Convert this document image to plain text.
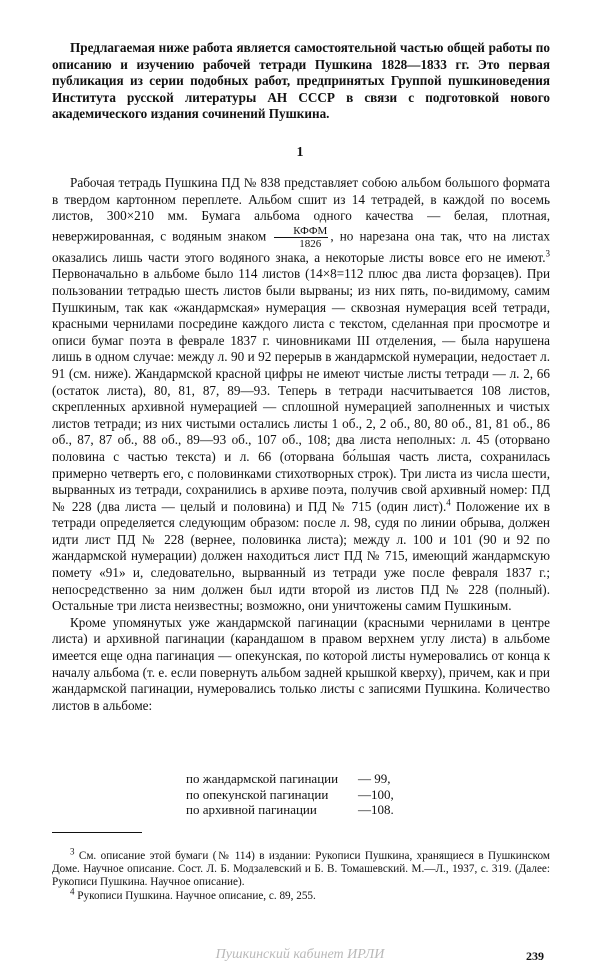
Предлагаемая ниже работа является самостоятельной частью общей работы по описанию и изучению рабочей тетради Пушкина 1828—1833 гг. Это первая публикация из серии подобных работ, предпринятых Группой пушкиноведения Института русской литературы АН СССР в связи с подготовкой нового академического издания сочинений Пушкина.

1

Рабочая тетрадь Пушкина ПД № 838 представляет собою альбом большого формата в твердом картонном переплете. Альбом сшит из 14 тетрадей, в каждой по восемь листов, 300×210 мм. Бумага альбома одного качества — белая, плотная, невержированная, с водяным знаком $\frac{\text{КФФМ}}{1826}$ , но нарезана она так, что на листах оказались лишь части этого водяного знака, а некоторые листы вовсе его не имеют.$^3$ Первоначально в альбоме было 114 листов (14×8=112 плюс два листа форзацев). При пользовании тетрадью шесть листов были вырваны; из них пять, по-видимому, самим Пушкиным, так как «жандармская» нумерация — сквозная нумерация всей тетради, красными чернилами посредине каждого листа с текстом, сделанная при просмотре и описи бумаг поэта в феврале 1837 г. чиновниками III отделения, — была нарушена лишь в одном случае: между л. 90 и 92 перерыв в жандармской нумерации, недостает л. 91 (см. ниже). Жандармской красной цифры не имеют чистые листы тетради — л. 2, 66 (остаток листа), 80, 81, 87, 89—93. Теперь в тетради насчитывается 108 листов, скрепленных архивной нумерацией — сплошной нумерацией заполненных и чистых листов тетради; из них чистыми остались листы 1 об., 2, 2 об., 80, 80 об., 81, 81 об., 86 об., 87, 87 об., 88 об., 89—93 об., 107 об., 108; два листа неполных: л. 45 (оторвано половина с частью текста) и л. 66 (оторвана бо́льшая часть листа, сохранилась примерно четверть его, с половинками стихотворных строк). Три листа из числа шести, вырванных из тетради, сохранились в архиве поэта, получив свой архивный номер: ПД № 228 (два листа — целый и половина) и ПД № 715 (один лист).$^4$ Положение их в тетради определяется следующим образом: после л. 98, судя по линии обрыва, должен идти лист ПД № 228 (вернее, половинка листа); между л. 100 и 101 (90 и 92 по жандармской нумерации) должен находиться лист ПД № 715, имеющий жандармскую помету «91» и, следовательно, вырванный из тетради уже после февраля 1837 г.; непосредственно за ним должен был идти второй из листов ПД № 228 (полный). Остальные три листа неизвестны; возможно, они уничтожены самим Пушкиным.

Кроме упомянутых уже жандармской пагинации (красными чернилами в центре листа) и архивной пагинации (карандашом в правом верхнем углу листа) в альбоме имеется еще одна пагинация — опекунская, по которой листы нумеровались от конца к началу альбома (т. е. если повернуть альбом задней крышкой кверху), причем, как и при жандармской пагинации, нумеровались только листы с записями Пушкина. Количество листов в альбоме:

по жандармской пагинации	— 99,
по опекунской пагинации	—100,
по архивной пагинации	—108.

$^3$ См. описание этой бумаги (№ 114) в издании: Рукописи Пушкина, хранящиеся в Пушкинском Доме. Научное описание. Сост. Л. Б. Модзалевский и Б. В. Томашевский. М.—Л., 1937, с. 319. (Далее: Рукописи Пушкина. Научное описание).

$^4$ Рукописи Пушкина. Научное описание, с. 89, 255.

Пушкинский кабинет ИРЛИ	239
